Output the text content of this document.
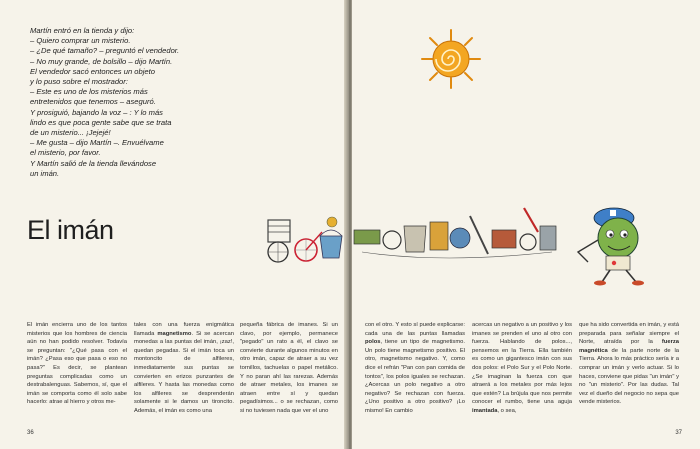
Martín entró en la tienda y dijo:
– Quiero comprar un misterio.
– ¿De qué tamaño? – preguntó el vendedor.
– No muy grande, de bolsillo – dijo Martín.
El vendedor sacó entonces un objeto
y lo puso sobre el mostrador:
– Este es uno de los misterios más
entretenidos que tenemos – aseguró.
Y prosiguió, bajando la voz – : Y lo más
lindo es que poca gente sabe que se trata
de un misterio... ¡Jejejé!
– Me gusta – dijo Martín –. Envuélvame
el misterio, por favor.
Y Martín salió de la tienda llevándose
un imán.
El imán
El imán encierra uno de los tantos misterios que los hombres de ciencia aún no han podido resolver. Todavía se preguntan: "¿Qué pasa con el imán? ¿Pasa eso que pasa o eso no pasa?" Es decir, se plantean preguntas complicadas como un destrabalenguas. Sabemos, sí, que el imán se comporta como él solo sabe hacerlo: atrae al hierro y otros me-
tales con una fuerza enigmática llamada magnetismo. Si se acercan monedas a las puntas del imán, ¡zaz!, quedan pegadas. Si el imán toca un montoncito de alfileres, inmediatamente sus puntas se convierten en erizos punzantes de alfileres. Y hasta las monedas como los alfileres se desprenderán solamente si le damos un tironcito. Además, el imán es como una
pequeña fábrica de imanes. Si un clavo, por ejemplo, permanece "pegado" un rato a él, el clavo se convierte durante algunos minutos en otro imán, capaz de atraer a su vez tornillos, tachuelas o papel metálico. Y no paran ahí las rarezas. Además de atraer metales, los imanes se atraen entre sí y quedan pegadísimos... o se rechazan, como si no tuviesen nada que ver el uno
36
con el otro. Y esto sí puede explicarse: cada una de las puntas llamadas polos, tiene un tipo de magnetismo. Un polo tiene magnetismo positivo. El otro, magnetismo negativo. Y, como dice el refrán "Pan con pan comida de tontos", los polos iguales se rechazan. ¿Acercas un polo negativo a otro negativo? Se rechazan con fuerza. ¿Uno positivo a otro positivo? ¡Lo mismo! En cambio
acercas un negativo a un positivo y los imanes se prenden el uno al otro con fuerza. Hablando de polos..., pensemos en la Tierra. Ella también es como un gigantesco imán con sus dos polos: el Polo Sur y el Polo Norte. ¿Se imaginan la fuerza con que atraerá a los metales por más lejos que estén? La brújula que nos permite conocer el rumbo, tiene una aguja imantada, o sea,
que ha sido convertida en imán, y está preparada para señalar siempre el Norte, atraída por la fuerza magnética de la parte norte de la Tierra. Ahora lo más práctico sería ir a comprar un imán y verlo actuar. Si lo haces, conviene que pidas "un imán" y no "un misterio". Por las dudas. Tal vez el dueño del negocio no sepa que vende misterios.
37
